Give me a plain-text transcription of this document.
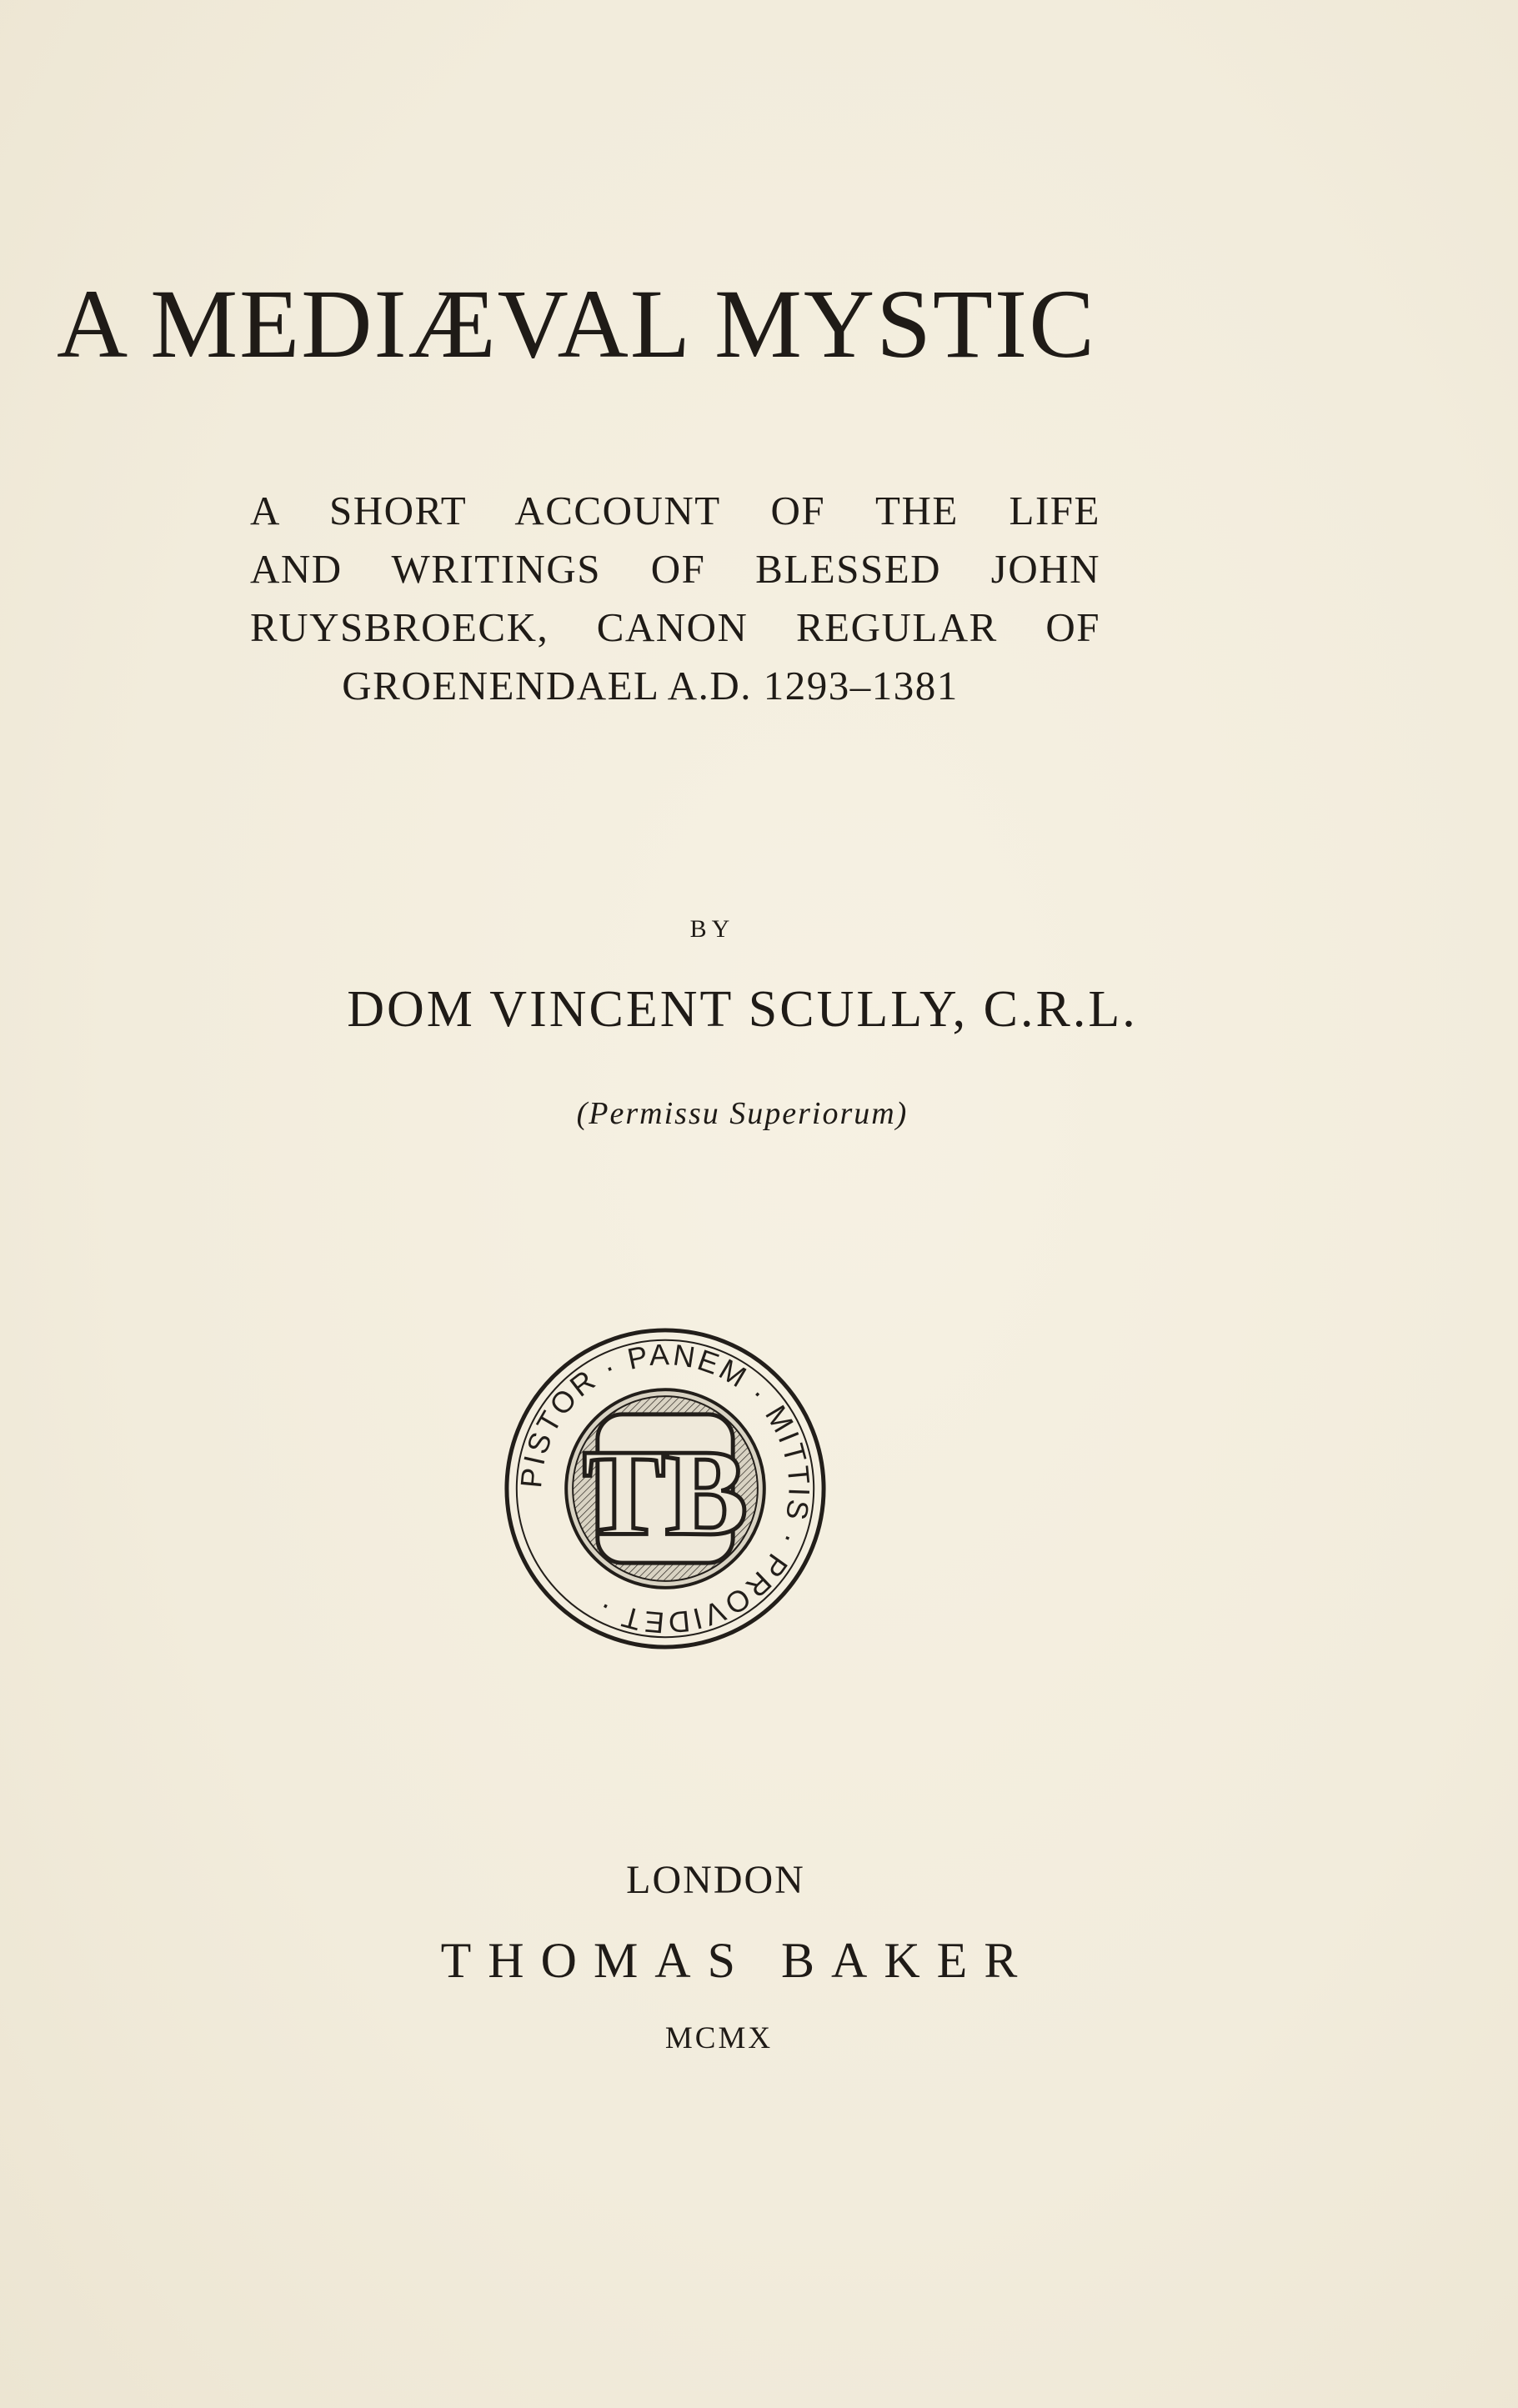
A MEDIÆVAL MYSTIC
A SHORT ACCOUNT OF THE LIFE
AND WRITINGS OF BLESSED JOHN
RUYSBROECK, CANON REGULAR OF
GROENENDAEL A.D. 1293–1381
BY
DOM VINCENT SCULLY, C.R.L.
(Permissu Superiorum)
PISTOR · PANEM · MITTIS · PROVIDET ·
TB
LONDON
THOMAS BAKER
MCMX
